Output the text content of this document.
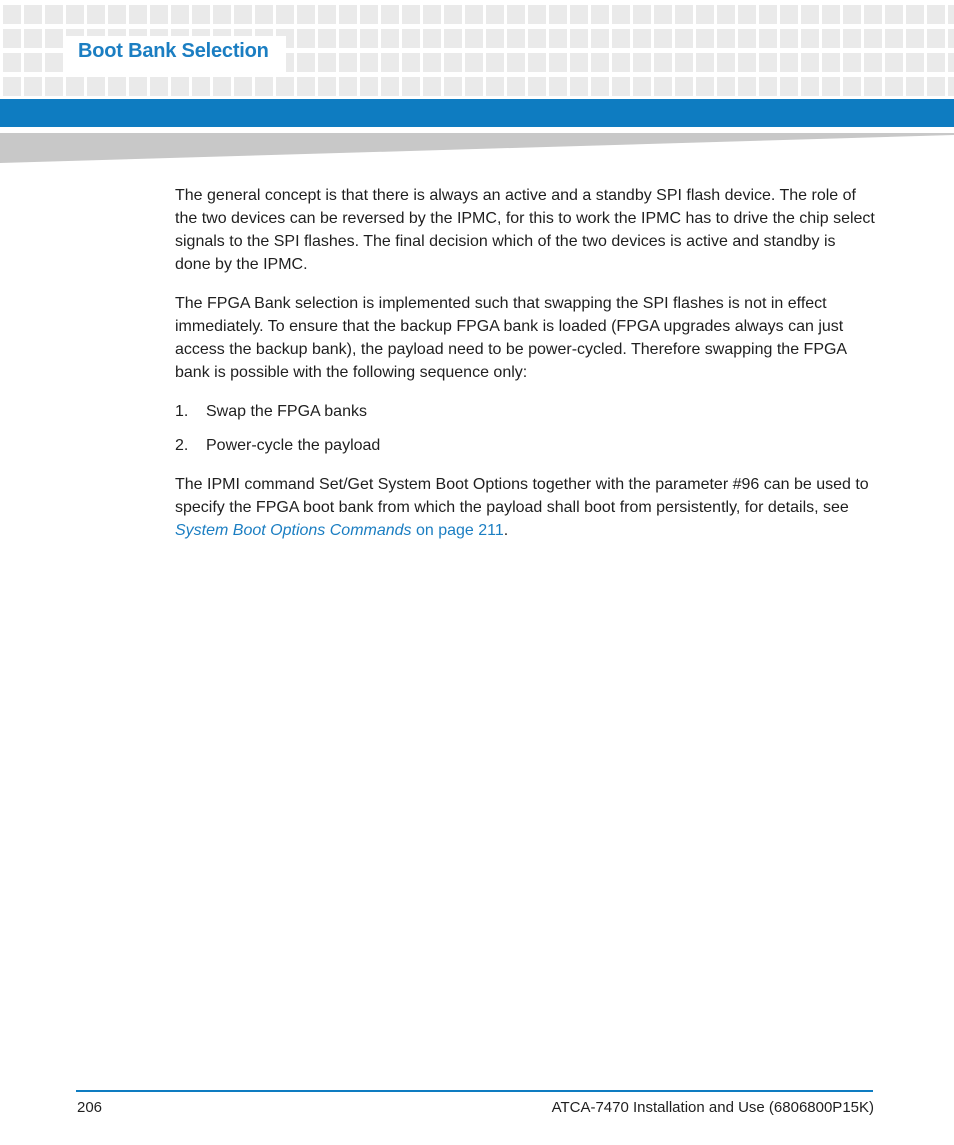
Boot Bank Selection

The general concept is that there is always an active and a standby SPI flash device. The role of the two devices can be reversed by the IPMC, for this to work the IPMC has to drive the chip select signals to the SPI flashes. The final decision which of the two devices is active and standby is done by the IPMC.

The FPGA Bank selection is implemented such that swapping the SPI flashes is not in effect immediately. To ensure that the backup FPGA bank is loaded (FPGA upgrades always can just access the backup bank), the payload need to be power-cycled. Therefore swapping the FPGA bank is possible with the following sequence only:

1.	Swap the FPGA banks
2.	Power-cycle the payload

The IPMI command Set/Get System Boot Options together with the parameter #96 can be used to specify the FPGA boot bank from which the payload shall boot from persistently, for details, see System Boot Options Commands on page 211.

206	ATCA-7470 Installation and Use (6806800P15K)
